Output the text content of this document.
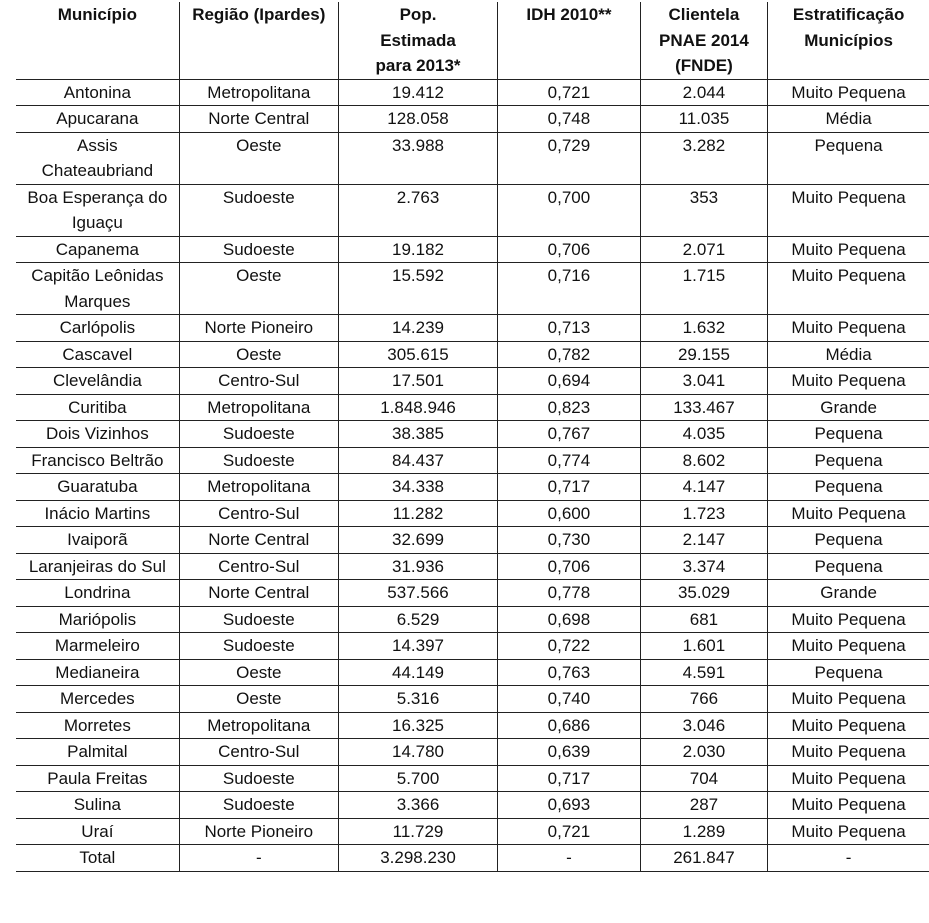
Município	Região (Ipardes)	Pop. Estimada para 2013*	IDH 2010**	Clientela PNAE 2014 (FNDE)	Estratificação Municípios
Antonina	Metropolitana	19.412	0,721	2.044	Muito Pequena
Apucarana	Norte Central	128.058	0,748	11.035	Média
Assis Chateaubriand	Oeste	33.988	0,729	3.282	Pequena
Boa Esperança do Iguaçu	Sudoeste	2.763	0,700	353	Muito Pequena
Capanema	Sudoeste	19.182	0,706	2.071	Muito Pequena
Capitão Leônidas Marques	Oeste	15.592	0,716	1.715	Muito Pequena
Carlópolis	Norte Pioneiro	14.239	0,713	1.632	Muito Pequena
Cascavel	Oeste	305.615	0,782	29.155	Média
Clevelândia	Centro-Sul	17.501	0,694	3.041	Muito Pequena
Curitiba	Metropolitana	1.848.946	0,823	133.467	Grande
Dois Vizinhos	Sudoeste	38.385	0,767	4.035	Pequena
Francisco Beltrão	Sudoeste	84.437	0,774	8.602	Pequena
Guaratuba	Metropolitana	34.338	0,717	4.147	Pequena
Inácio Martins	Centro-Sul	11.282	0,600	1.723	Muito Pequena
Ivaiporã	Norte Central	32.699	0,730	2.147	Pequena
Laranjeiras do Sul	Centro-Sul	31.936	0,706	3.374	Pequena
Londrina	Norte Central	537.566	0,778	35.029	Grande
Mariópolis	Sudoeste	6.529	0,698	681	Muito Pequena
Marmeleiro	Sudoeste	14.397	0,722	1.601	Muito Pequena
Medianeira	Oeste	44.149	0,763	4.591	Pequena
Mercedes	Oeste	5.316	0,740	766	Muito Pequena
Morretes	Metropolitana	16.325	0,686	3.046	Muito Pequena
Palmital	Centro-Sul	14.780	0,639	2.030	Muito Pequena
Paula Freitas	Sudoeste	5.700	0,717	704	Muito Pequena
Sulina	Sudoeste	3.366	0,693	287	Muito Pequena
Uraí	Norte Pioneiro	11.729	0,721	1.289	Muito Pequena
Total	-	3.298.230	-	261.847	-
